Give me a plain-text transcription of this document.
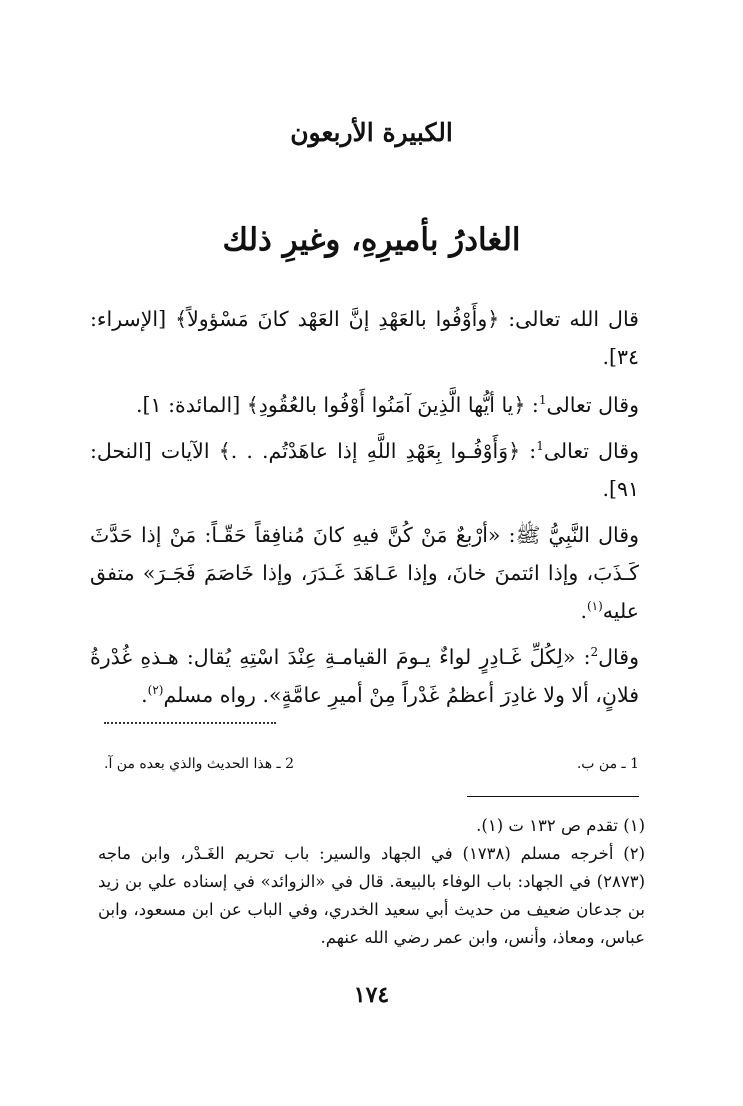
الكبيرة الأربعون
الغادرُ بأميرِهِ، وغيرِ ذلك

قال الله تعالى: ﴿وأَوْفُوا بالعَهْدِ إنَّ العَهْد كانَ مَسْؤولاً﴾ [الإسراء: ٣٤].

وقال تعالى$^1$: ﴿يا أيُّها الَّذِينَ آمَنُوا أَوْفُوا بالعُقُودِ﴾ [المائدة: ١].

وقال تعالى$^1$: ﴿وَأَوْفُـوا بِعَهْدِ اللَّهِ إذا عاهَدْتُم. . .﴾ الآيات [النحل: ٩١].

وقال النَّبِيُّ ﷺ: «أرْبعٌ مَنْ كُنَّ فيهِ كانَ مُنافِقاً حَقّـاً: مَنْ إذا حَدَّثَ كَـذَبَ، وإذا ائتمنَ خانَ، وإذا عَـاهَدَ غَـدَرَ، وإذا خَاصَمَ فَجَـرَ» متفق عليه$^{(١)}$.

وقال$^2$: «لِكُلِّ غَـادِرٍ لواءٌ يـومَ القيامـةِ عِنْدَ اسْتِهِ يُقال: هـذهِ غُدْرةُ فلانٍ، ألا ولا غادِرَ أعظمُ غَدْراً مِنْ أميرِ عامَّةٍ». رواه مسلم$^{(٢)}$.

1 ـ من ب.
2 ـ هذا الحديث والذي بعده من آ.

(١) تقدم ص ١٣٢ ت (١).

(٢) أخرجه مسلم (١٧٣٨) في الجهاد والسير: باب تحريم الغَـدْر، وابن ماجه (٢٨٧٣) في الجهاد: باب الوفاء بالبيعة. قال في «الزوائد» في إسناده علي بن زيد بن جدعان ضعيف من حديث أبي سعيد الخدري، وفي الباب عن ابن مسعود، وابن عباس، ومعاذ، وأنس، وابن عمر رضي الله عنهم.

١٧٤
